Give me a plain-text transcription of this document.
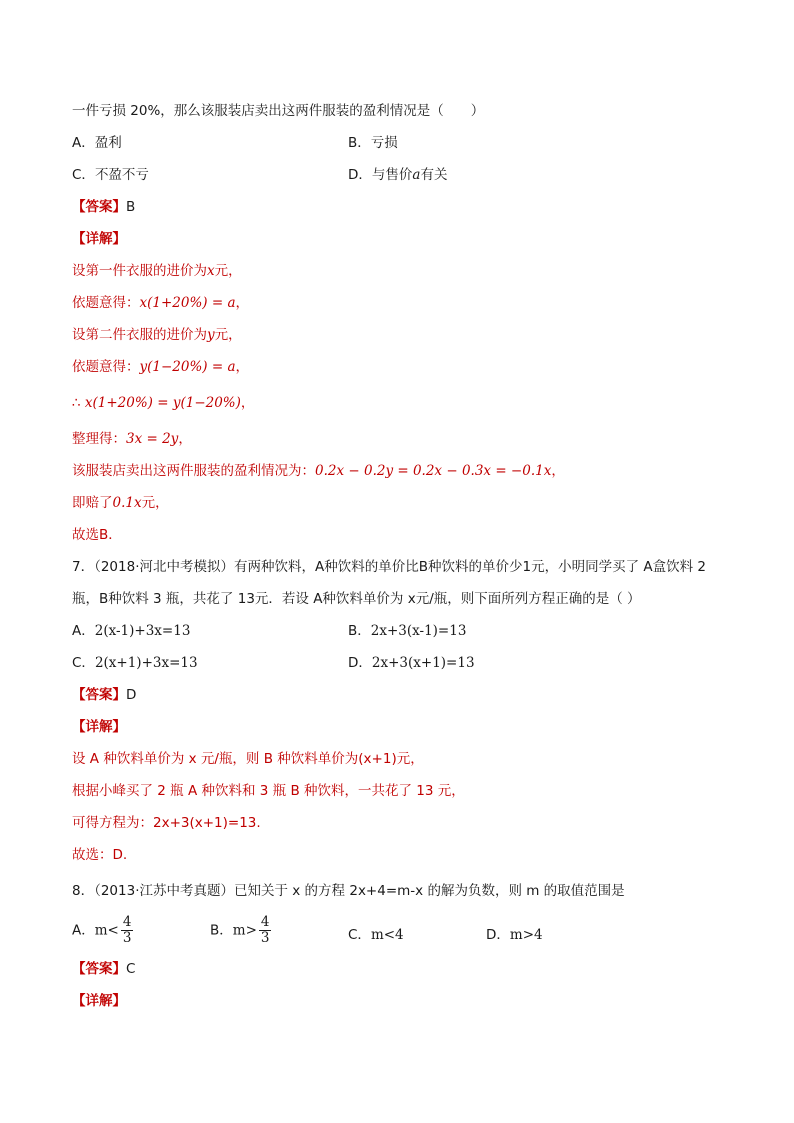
一件亏损 20%，那么该服装店卖出这两件服装的盈利情况是（　　）
A．盈利	B．亏损
C．不盈不亏	D．与售价a有关
【答案】B
【详解】
设第一件衣服的进价为x元，
依题意得：x(1+20%) = a，
设第二件衣服的进价为y元，
依题意得：y(1−20%) = a，
∴ x(1+20%) = y(1−20%)，
整理得：3x = 2y，
该服装店卖出这两件服装的盈利情况为：0.2x − 0.2y = 0.2x − 0.3x = −0.1x，
即赔了0.1x元，
故选B．
7．（2018·河北中考模拟）有两种饮料，A种饮料的单价比B种饮料的单价少1元，小明同学买了 A盒饮料 2
瓶，B种饮料 3 瓶，共花了 13元．若设 A种饮料单价为 x元/瓶，则下面所列方程正确的是（ ）
A．2(x-1)+3x=13	B．2x+3(x-1)=13
C．2(x+1)+3x=13	D．2x+3(x+1)=13
【答案】D
【详解】
设 A 种饮料单价为 x 元/瓶，则 B 种饮料单价为(x+1)元，
根据小峰买了 2 瓶 A 种饮料和 3 瓶 B 种饮料，一共花了 13 元，
可得方程为：2x+3(x+1)=13.
故选：D.
8．（2013·江苏中考真题）已知关于 x 的方程 2x+4=m-x 的解为负数，则 m 的取值范围是
A．$m< \frac{4}{3}$	B．$m> \frac{4}{3}$	C．m<4	D．m>4
【答案】C
【详解】
